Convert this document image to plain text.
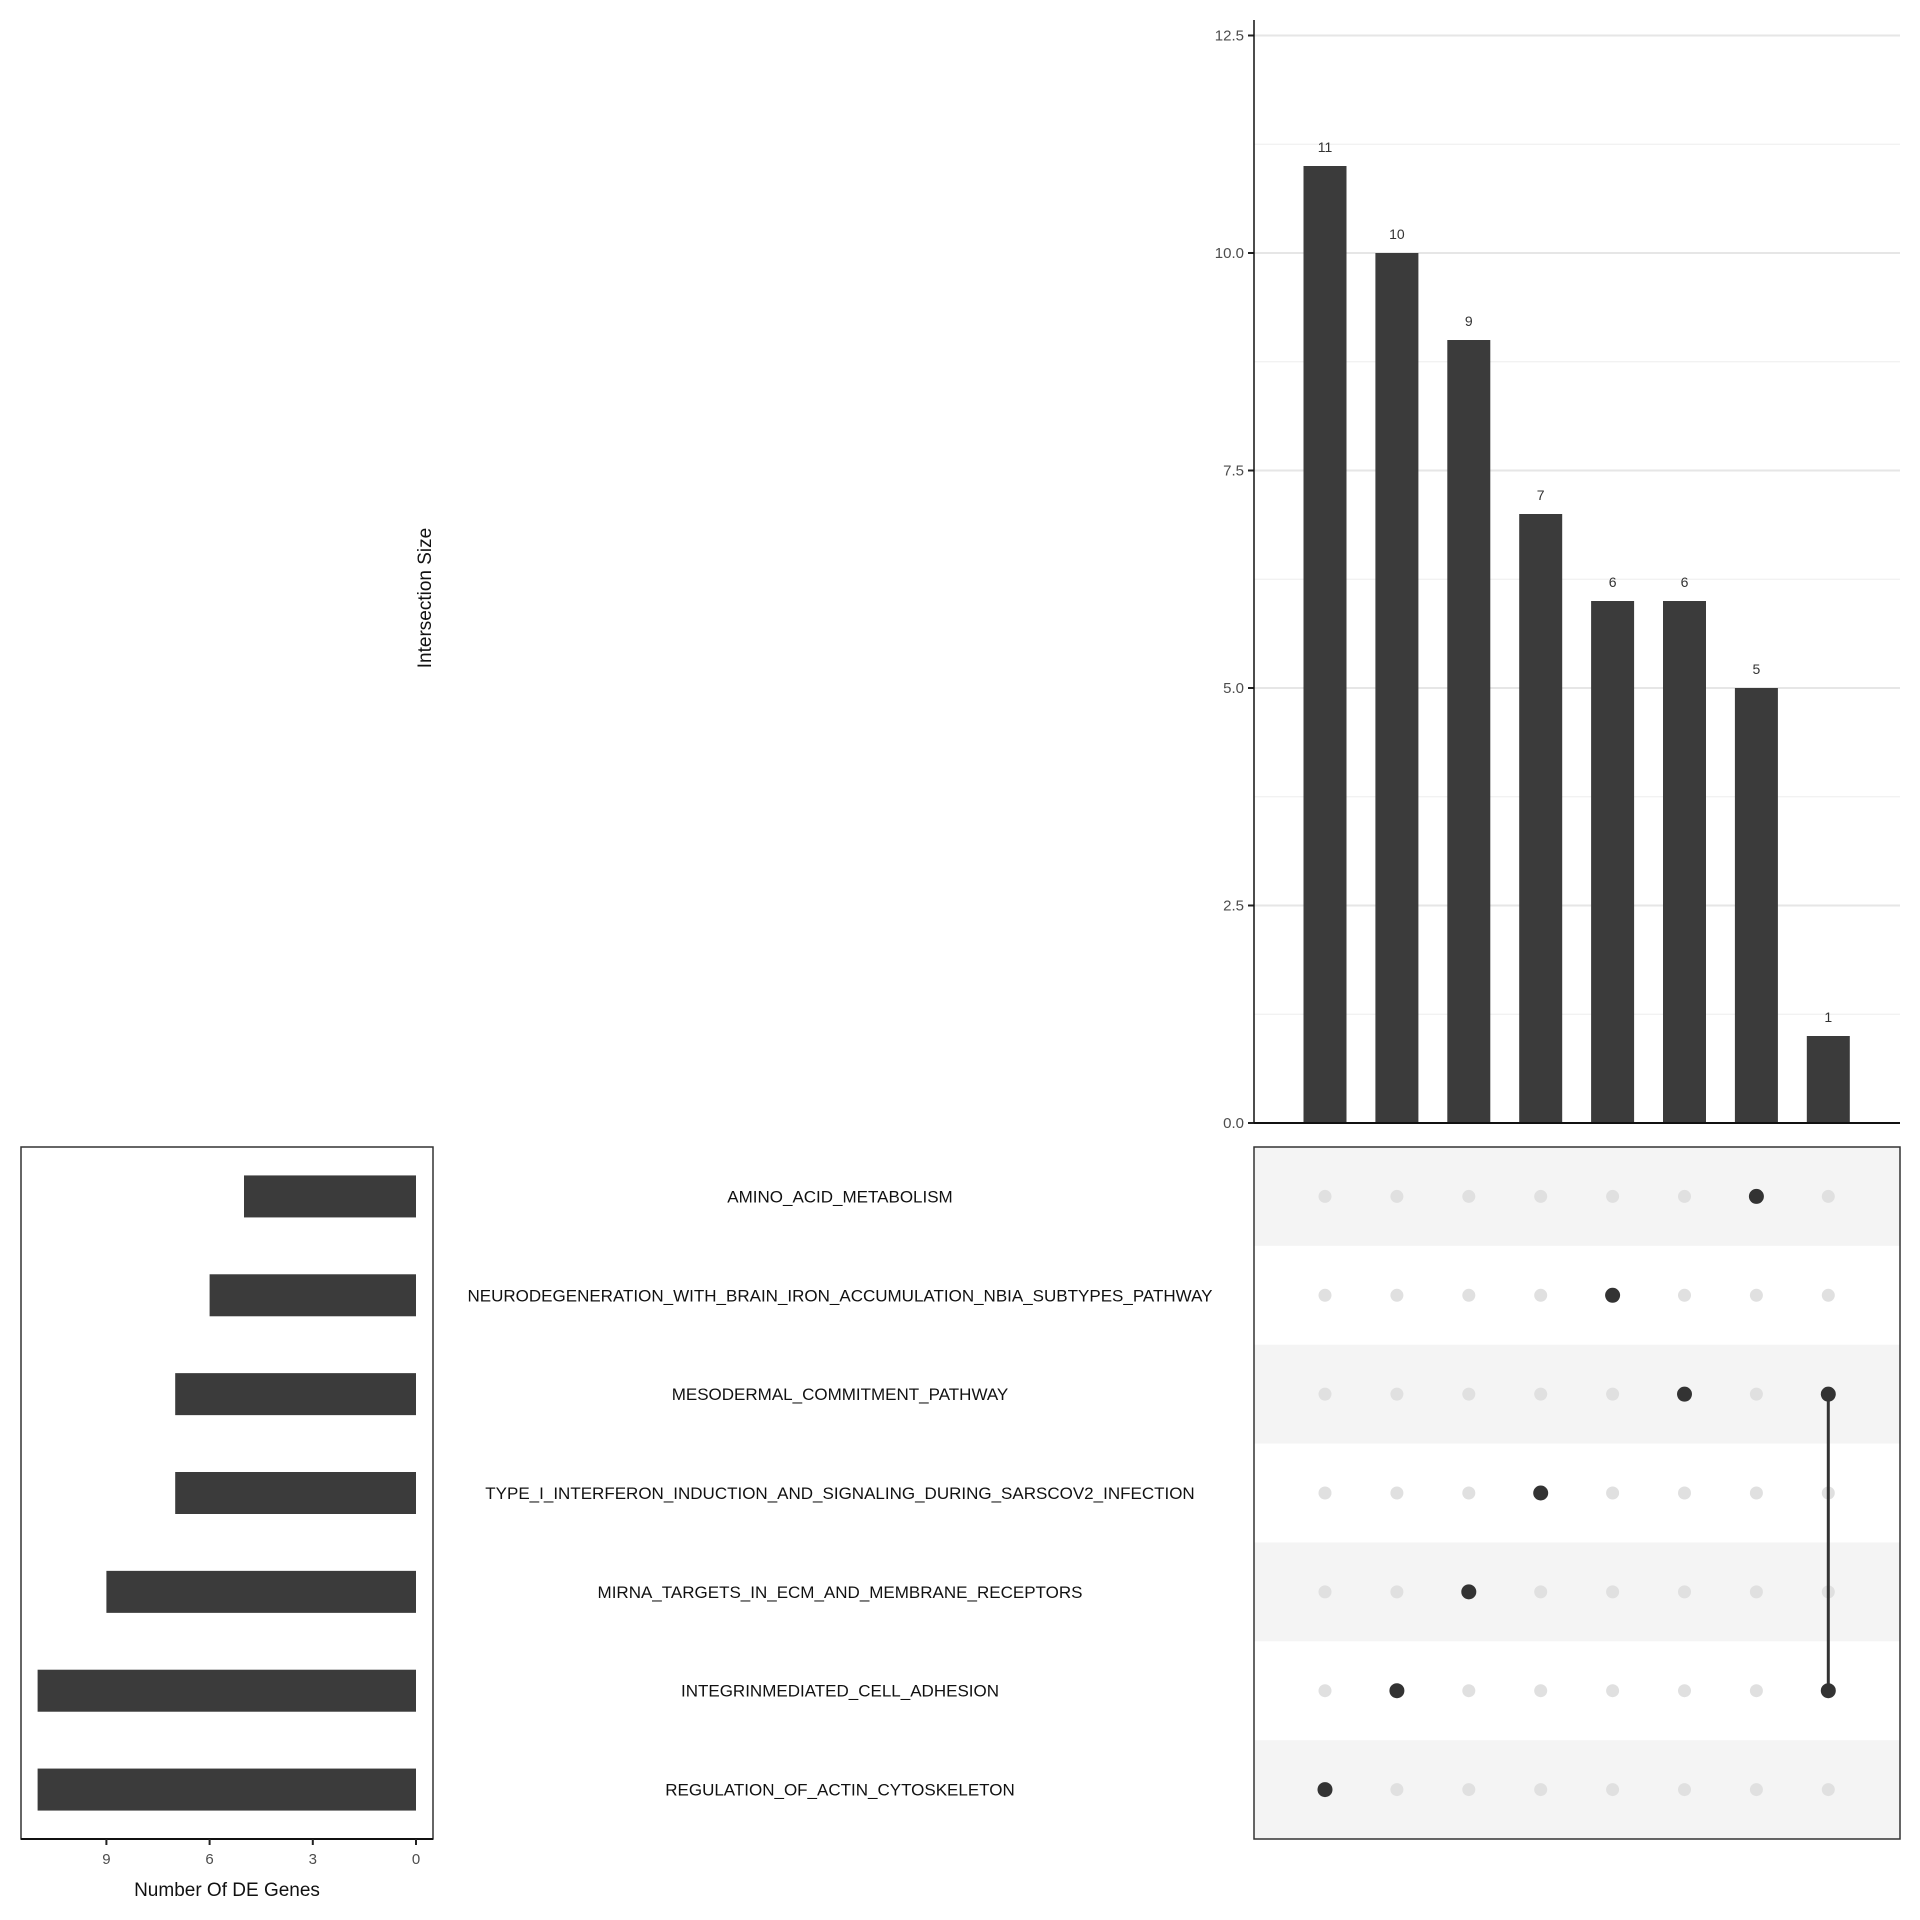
0.0
2.5
5.0
7.5
10.0
12.5
Intersection Size
11
10
9
7
6	6
5
1
AMINO_ACID_METABOLISM
NEURODEGENERATION_WITH_BRAIN_IRON_ACCUMULATION_NBIA_SUBTYPES_PATHWAY
MESODERMAL_COMMITMENT_PATHWAY
TYPE_I_INTERFERON_INDUCTION_AND_SIGNALING_DURING_SARSCOV2_INFECTION
MIRNA_TARGETS_IN_ECM_AND_MEMBRANE_RECEPTORS
INTEGRINMEDIATED_CELL_ADHESION
REGULATION_OF_ACTIN_CYTOSKELETON
9	6	3	0
Number Of DE Genes
